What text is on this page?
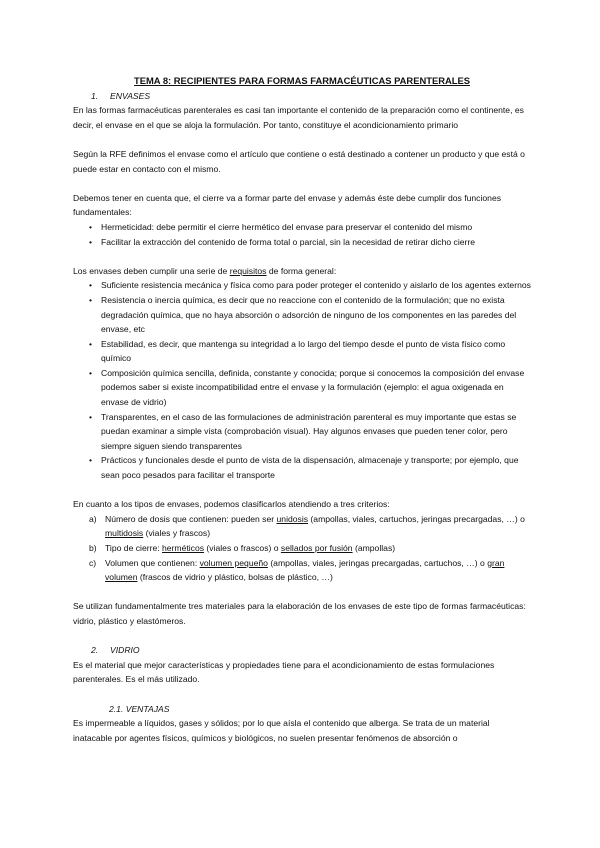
TEMA 8: RECIPIENTES PARA FORMAS FARMACÉUTICAS PARENTERALES

1. ENVASES

En las formas farmacéuticas parenterales es casi tan importante el contenido de la preparación como el continente, es decir, el envase en el que se aloja la formulación. Por tanto, constituye el acondicionamiento primario

Según la RFE definimos el envase como el artículo que contiene o está destinado a contener un producto y que está o puede estar en contacto con el mismo.

Debemos tener en cuenta que, el cierre va a formar parte del envase y además éste debe cumplir dos funciones fundamentales:

• Hermeticidad: debe permitir el cierre hermético del envase para preservar el contenido del mismo
• Facilitar la extracción del contenido de forma total o parcial, sin la necesidad de retirar dicho cierre

Los envases deben cumplir una serie de requisitos de forma general:

• Suficiente resistencia mecánica y física como para poder proteger el contenido y aislarlo de los agentes externos
• Resistencia o inercia química, es decir que no reaccione con el contenido de la formulación; que no exista degradación química, que no haya absorción o adsorción de ninguno de los componentes en las paredes del envase, etc
• Estabilidad, es decir, que mantenga su integridad a lo largo del tiempo desde el punto de vista físico como químico
• Composición química sencilla, definida, constante y conocida; porque si conocemos la composición del envase podemos saber si existe incompatibilidad entre el envase y la formulación (ejemplo: el agua oxigenada en envase de vidrio)
• Transparentes, en el caso de las formulaciones de administración parenteral es muy importante que estas se puedan examinar a simple vista (comprobación visual). Hay algunos envases que pueden tener color, pero siempre siguen siendo transparentes
• Prácticos y funcionales desde el punto de vista de la dispensación, almacenaje y transporte; por ejemplo, que sean poco pesados para facilitar el transporte

En cuanto a los tipos de envases, podemos clasificarlos atendiendo a tres criterios:

a) Número de dosis que contienen: pueden ser unidosis (ampollas, viales, cartuchos, jeringas precargadas, …) o multidosis (viales y frascos)
b) Tipo de cierre: herméticos (viales o frascos) o sellados por fusión (ampollas)
c) Volumen que contienen: volumen pequeño (ampollas, viales, jeringas precargadas, cartuchos, …) o gran volumen (frascos de vidrio y plástico, bolsas de plástico, …)

Se utilizan fundamentalmente tres materiales para la elaboración de los envases de este tipo de formas farmacéuticas: vidrio, plástico y elastómeros.

2. VIDRIO

Es el material que mejor características y propiedades tiene para el acondicionamiento de estas formulaciones parenterales. Es el más utilizado.

2.1. VENTAJAS

Es impermeable a líquidos, gases y sólidos; por lo que aísla el contenido que alberga. Se trata de un material inatacable por agentes físicos, químicos y biológicos, no suelen presentar fenómenos de absorción o
